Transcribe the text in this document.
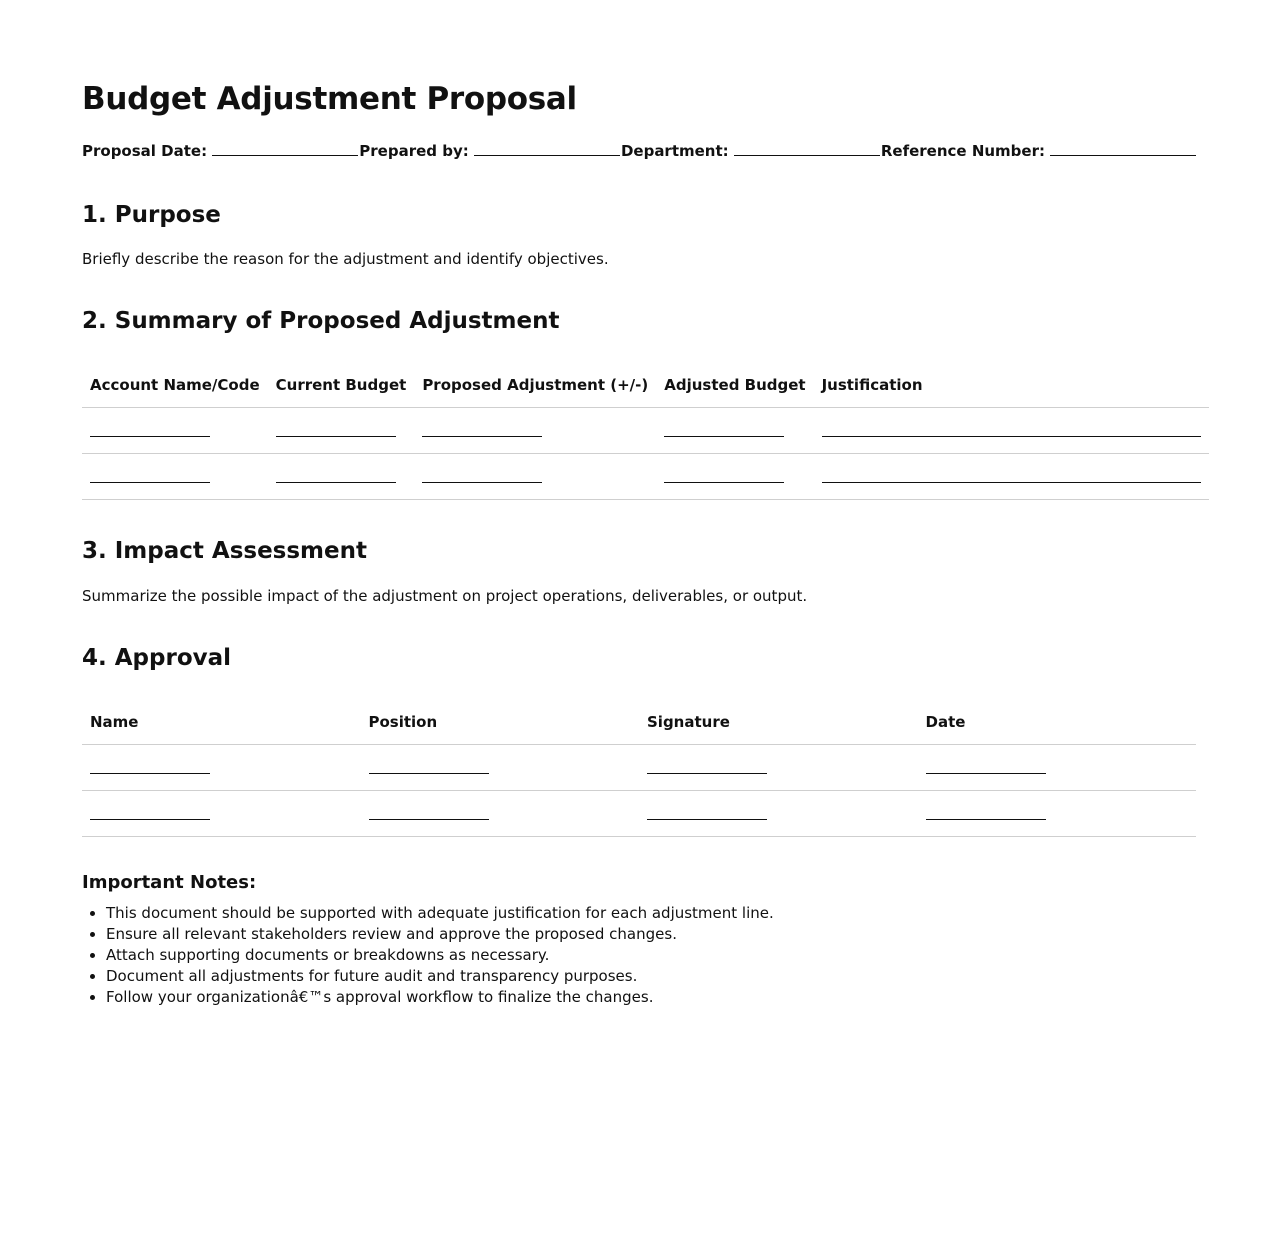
Budget Adjustment Proposal
Proposal Date:	Prepared by:	Department:	Reference Number:
1. Purpose

Briefly describe the reason for the adjustment and identify objectives.

2. Summary of Proposed Adjustment
Account Name/Code	Current Budget	Proposed Adjustment (+/-)	Adjusted Budget	Justification

3. Impact Assessment

Summarize the possible impact of the adjustment on project operations, deliverables, or output.

4. Approval
Name	Position	Signature	Date

Important Notes:
• This document should be supported with adequate justification for each adjustment line.
• Ensure all relevant stakeholders review and approve the proposed changes.
• Attach supporting documents or breakdowns as necessary.
• Document all adjustments for future audit and transparency purposes.
• Follow your organizationâ€™s approval workflow to finalize the changes.
